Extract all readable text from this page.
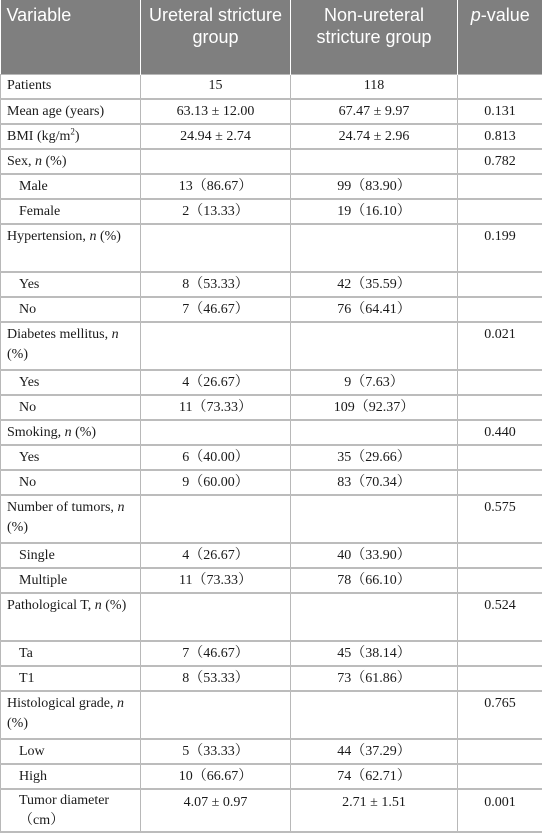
Variable	Ureteral stricture group	Non-ureteral stricture group	p-value
Patients	15	118	
Mean age (years)	63.13 ± 12.00	67.47 ± 9.97	0.131
BMI $(kg/m^2)$	24.94 ± 2.74	24.74 ± 2.96	0.813
Sex, n (%)			0.782
Male	13（86.67）	99（83.90）	
Female	2（13.33）	19（16.10）	
Hypertension, n (%)			0.199
Yes	8（53.33）	42（35.59）	
No	7（46.67）	76（64.41）	
Diabetes mellitus, n (%)			0.021
Yes	4（26.67）	9（7.63）	
No	11（73.33）	109（92.37）	
Smoking, n (%)			0.440
Yes	6（40.00）	35（29.66）	
No	9（60.00）	83（70.34）	
Number of tumors, n (%)			0.575
Single	4（26.67）	40（33.90）	
Multiple	11（73.33）	78（66.10）	
Pathological T, n (%)			0.524
Ta	7（46.67）	45（38.14）	
T1	8（53.33）	73（61.86）	
Histological grade, n (%)			0.765
Low	5（33.33）	44（37.29）	
High	10（66.67）	74（62.71）	
Tumor diameter（cm）	4.07 ± 0.97	2.71 ± 1.51	0.001
